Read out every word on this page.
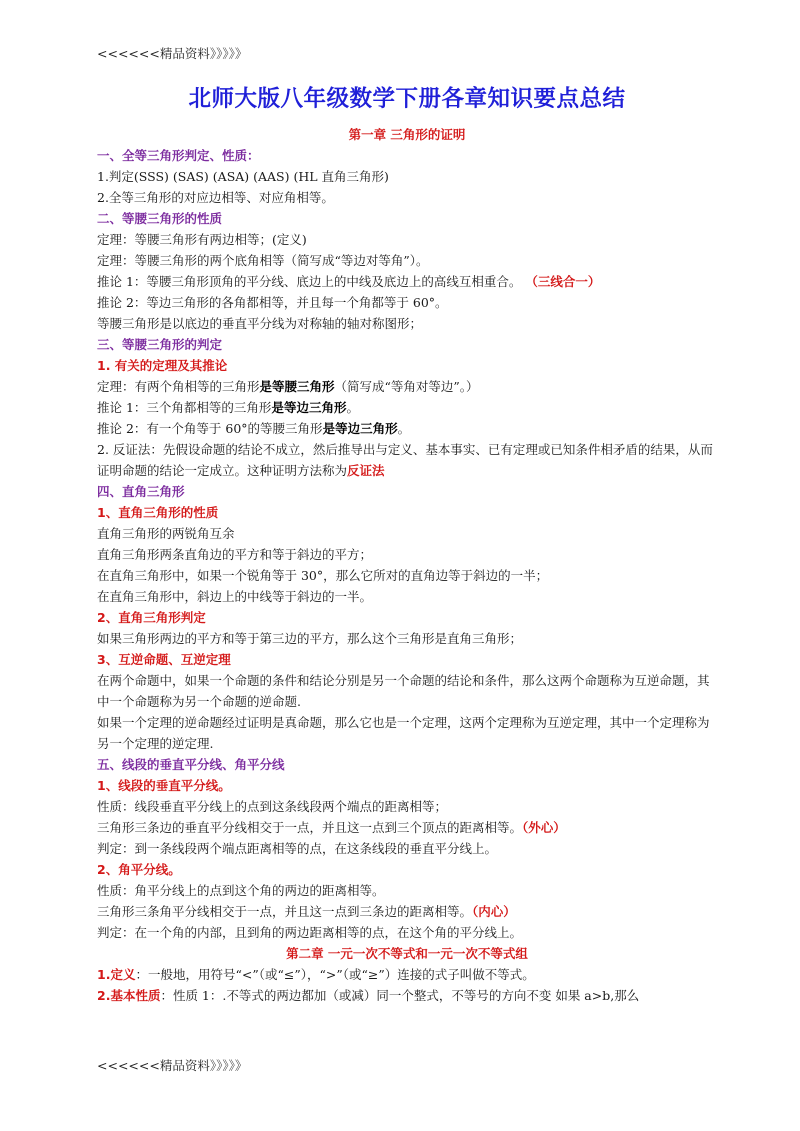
<<<<<<精品资料》》》》》
北师大版八年级数学下册各章知识要点总结
第一章 三角形的证明
一、全等三角形判定、性质：
1.判定(SSS) (SAS) (ASA) (AAS) (HL 直角三角形)
2.全等三角形的对应边相等、对应角相等。
二、等腰三角形的性质
定理：等腰三角形有两边相等；(定义)
定理：等腰三角形的两个底角相等（简写成“等边对等角”）。
推论 1：等腰三角形顶角的平分线、底边上的中线及底边上的高线互相重合。 （三线合一）
推论 2：等边三角形的各角都相等，并且每一个角都等于 60°。
等腰三角形是以底边的垂直平分线为对称轴的轴对称图形；
三、等腰三角形的判定
1. 有关的定理及其推论
定理：有两个角相等的三角形是等腰三角形（简写成“等角对等边”。）
推论 1：三个角都相等的三角形是等边三角形。
推论 2：有一个角等于 60°的等腰三角形是等边三角形。
2. 反证法：先假设命题的结论不成立，然后推导出与定义、基本事实、已有定理或已知条件相矛盾的结果，从而证明命题的结论一定成立。这种证明方法称为反证法
四、直角三角形
1、直角三角形的性质
直角三角形的两锐角互余
直角三角形两条直角边的平方和等于斜边的平方；
在直角三角形中，如果一个锐角等于 30°，那么它所对的直角边等于斜边的一半；
在直角三角形中，斜边上的中线等于斜边的一半。
2、直角三角形判定
如果三角形两边的平方和等于第三边的平方，那么这个三角形是直角三角形；
3、互逆命题、互逆定理
在两个命题中，如果一个命题的条件和结论分别是另一个命题的结论和条件，那么这两个命题称为互逆命题，其中一个命题称为另一个命题的逆命题.
如果一个定理的逆命题经过证明是真命题，那么它也是一个定理，这两个定理称为互逆定理，其中一个定理称为另一个定理的逆定理.
五、线段的垂直平分线、角平分线
1、线段的垂直平分线。
性质：线段垂直平分线上的点到这条线段两个端点的距离相等；
三角形三条边的垂直平分线相交于一点，并且这一点到三个顶点的距离相等。（外心）
判定：到一条线段两个端点距离相等的点，在这条线段的垂直平分线上。
2、角平分线。
性质：角平分线上的点到这个角的两边的距离相等。
三角形三条角平分线相交于一点，并且这一点到三条边的距离相等。（内心）
判定：在一个角的内部，且到角的两边距离相等的点，在这个角的平分线上。
第二章 一元一次不等式和一元一次不等式组
1.定义：一般地，用符号“<”（或“≤”），“>”（或“≥”）连接的式子叫做不等式。
2.基本性质：性质 1：.不等式的两边都加（或减）同一个整式，不等号的方向不变 如果 a>b,那么
<<<<<<精品资料》》》》》
